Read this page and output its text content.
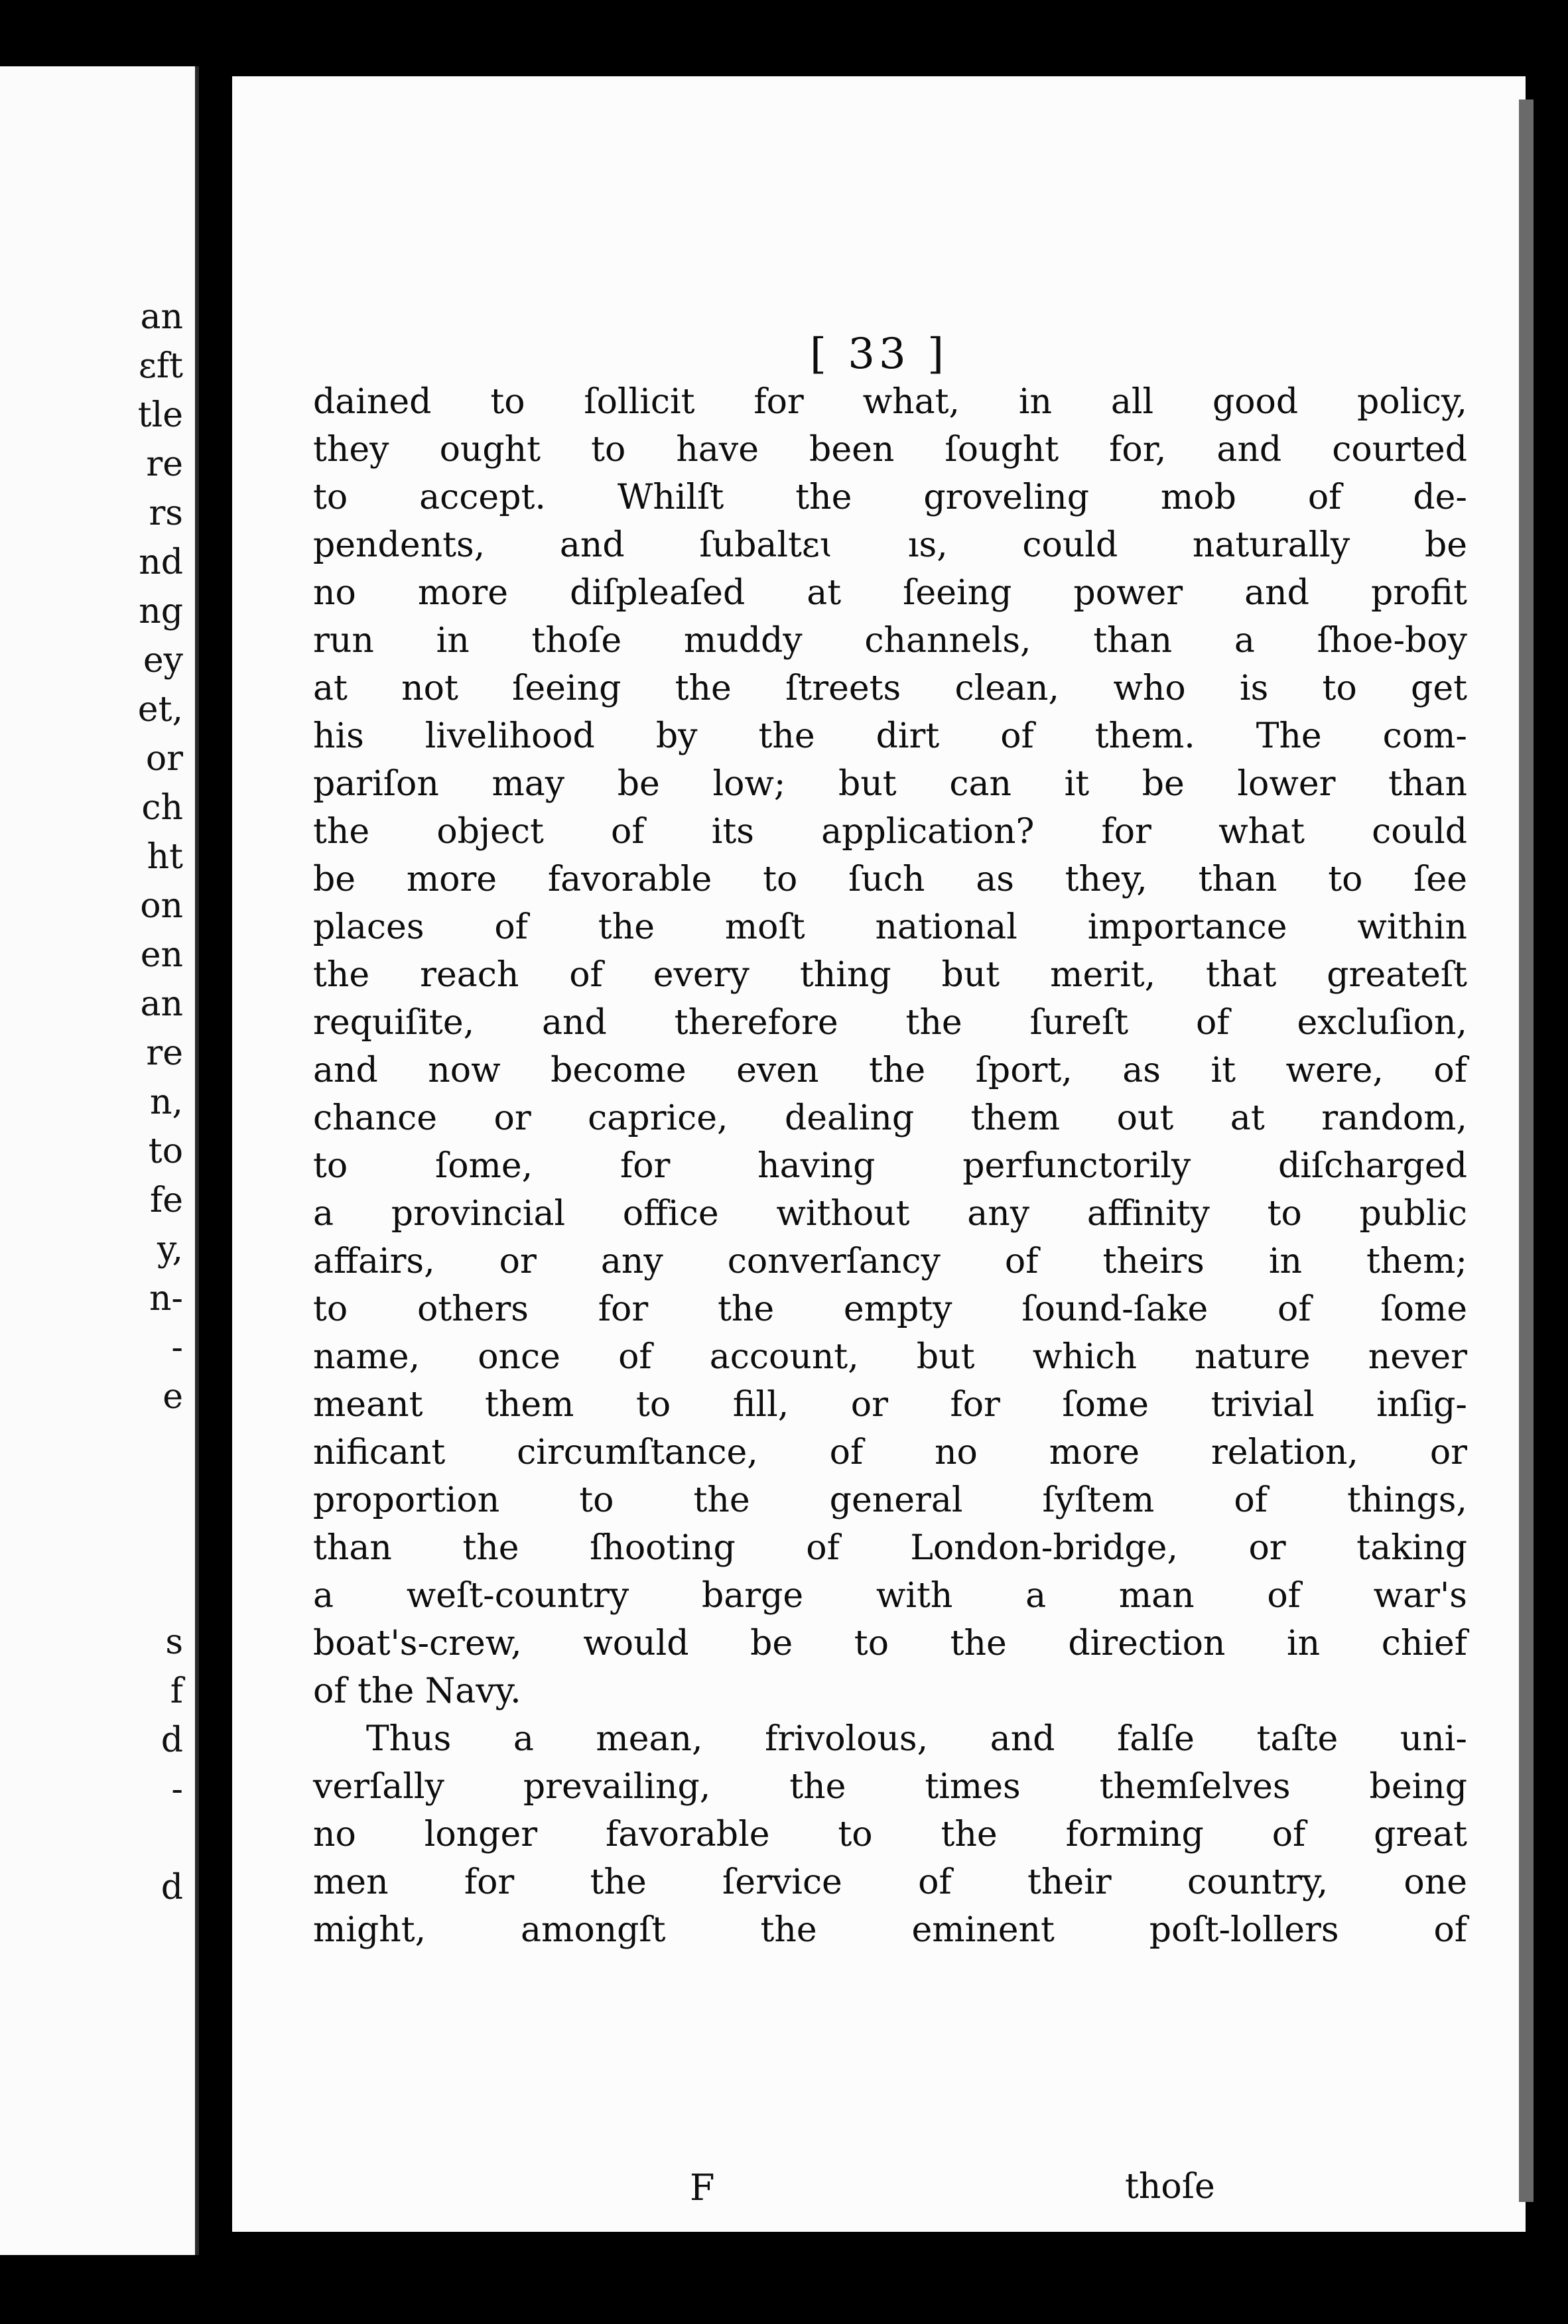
an
ɛft
tle
re
rs
nd
ng
ey
et,
or
ch
ht
on
en
an
re
n,
to
fe
y,
n-
-
e
s
f
d
-
d
[ 33 ]
dained to ſollicit for what, in all good policy,
they ought to have been ſought for, and courted
to accept. Whilſt the groveling mob of de-
pendents, and ſubaltɛɩ ıs, could naturally be
no more diſpleaſed at ſeeing power and profit
run in thoſe muddy channels, than a ſhoe-boy
at not ſeeing the ſtreets clean, who is to get
his livelihood by the dirt of them. The com-
pariſon may be low; but can it be lower than
the object of its application? for what could
be more favorable to ſuch as they, than to ſee
places of the moſt national importance within
the reach of every thing but merit, that greateſt
requiſite, and therefore the ſureſt of excluſion,
and now become even the ſport, as it were, of
chance or caprice, dealing them out at random,
to ſome, for having perfunctorily diſcharged
a provincial office without any affinity to public
affairs, or any converſancy of theirs in them;
to others for the empty ſound-ſake of ſome
name, once of account, but which nature never
meant them to fill, or for ſome trivial inſig-
nificant circumſtance, of no more relation, or
proportion to the general ſyſtem of things,
than the ſhooting of London-bridge, or taking
a weſt-country barge with a man of war's
boat's-crew, would be to the direction in chief
of the Navy.
Thus a mean, frivolous, and falſe taſte uni-
verſally prevailing, the times themſelves being
no longer favorable to the forming of great
men for the ſervice of their country, one
might, amongſt the eminent poſt-lollers of
F	thoſe
